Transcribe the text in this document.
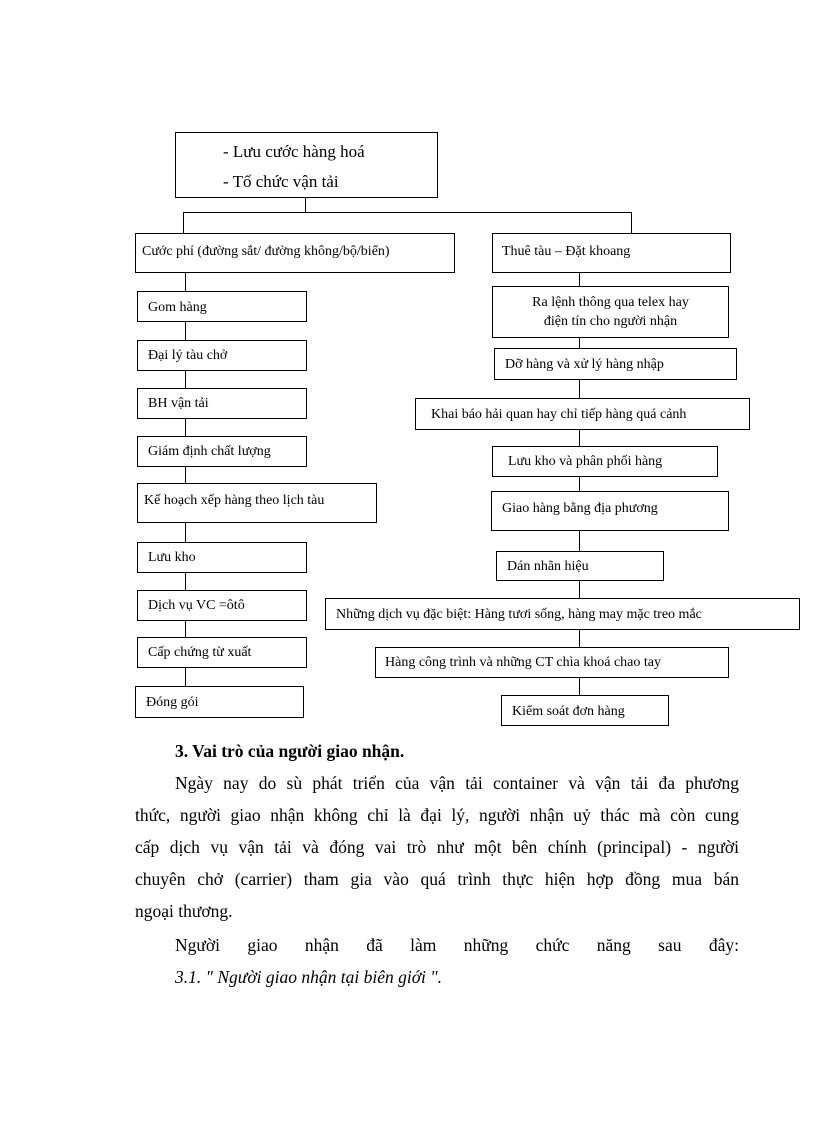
- Lưu cước hàng hoá
- Tổ chức vận tải
Cước phí (đường sắt/ đường không/bộ/biển)	Thuê tàu – Đặt khoang
Gom hàng
Đại lý tàu chở
BH vận tải
Giám định chất lượng
Kế hoạch xếp hàng theo lịch tàu
Lưu kho
Dịch vụ VC =ôtô
Cấp chứng từ xuất
Đóng gói
Ra lệnh thông qua telex hay
điện tín cho người nhận
Dỡ hàng và xử lý hàng nhập
Khai báo hải quan hay chỉ tiếp hàng quá cảnh
Lưu kho và phân phối hàng
Giao hàng bằng địa phương
Dán nhãn hiệu
Những dịch vụ đặc biệt: Hàng tươi sống, hàng may mặc treo mắc
Hàng công trình và những CT chìa khoá chao tay
Kiểm soát đơn hàng
3. Vai trò của người giao nhận.
Ngày nay do sù phát triển của vận tải container và vận tải đa phương
thức, người giao nhận không chỉ là đại lý, người nhận uỷ thác mà còn cung
cấp dịch vụ vận tải và đóng vai trò như một bên chính (principal) - người
chuyên chở (carrier) tham gia vào quá trình thực hiện hợp đồng mua bán
ngoại thương.
Người giao nhận đã làm những chức năng sau đây:
3.1. " Người giao nhận tại biên giới ".
